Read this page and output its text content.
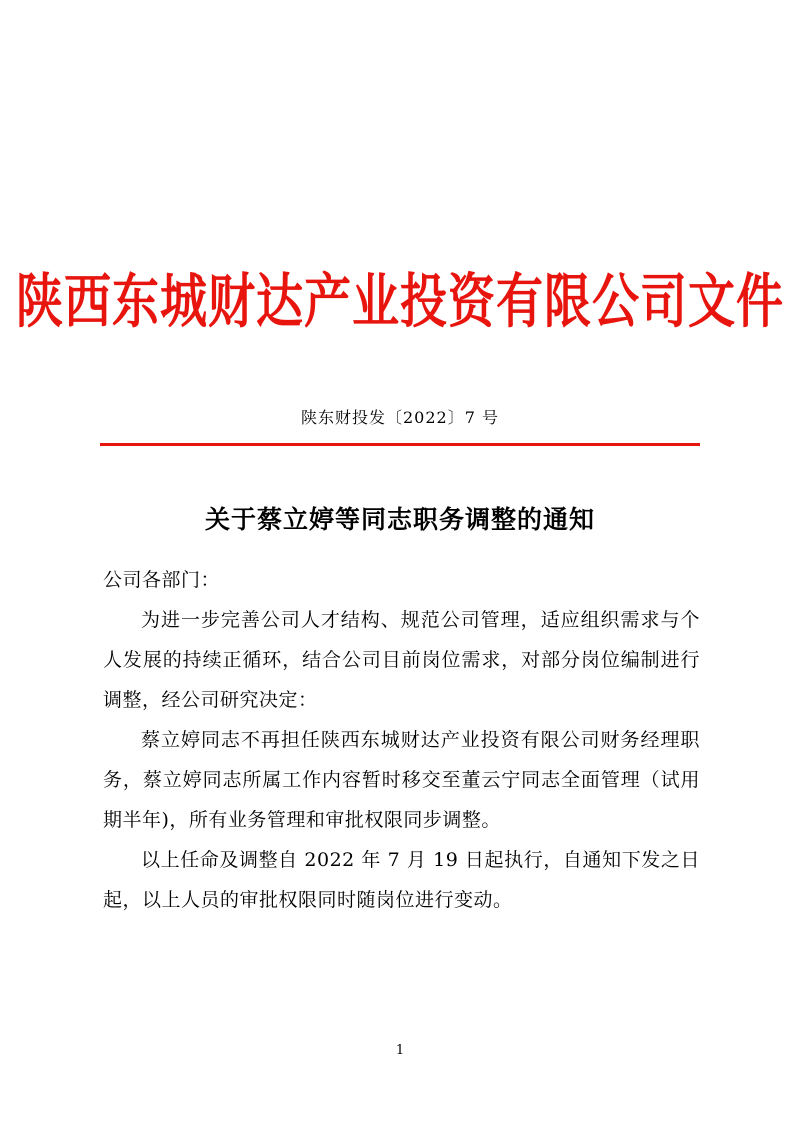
陕西东城财达产业投资有限公司文件
陕东财投发〔2022〕7 号
关于蔡立婷等同志职务调整的通知
公司各部门：

为进一步完善公司人才结构、规范公司管理，适应组织需求与个人发展的持续正循环，结合公司目前岗位需求，对部分岗位编制进行调整，经公司研究决定：

蔡立婷同志不再担任陕西东城财达产业投资有限公司财务经理职务，蔡立婷同志所属工作内容暂时移交至董云宁同志全面管理（试用期半年)，所有业务管理和审批权限同步调整。

以上任命及调整自 2022 年 7 月 19 日起执行，自通知下发之日起，以上人员的审批权限同时随岗位进行变动。

1
